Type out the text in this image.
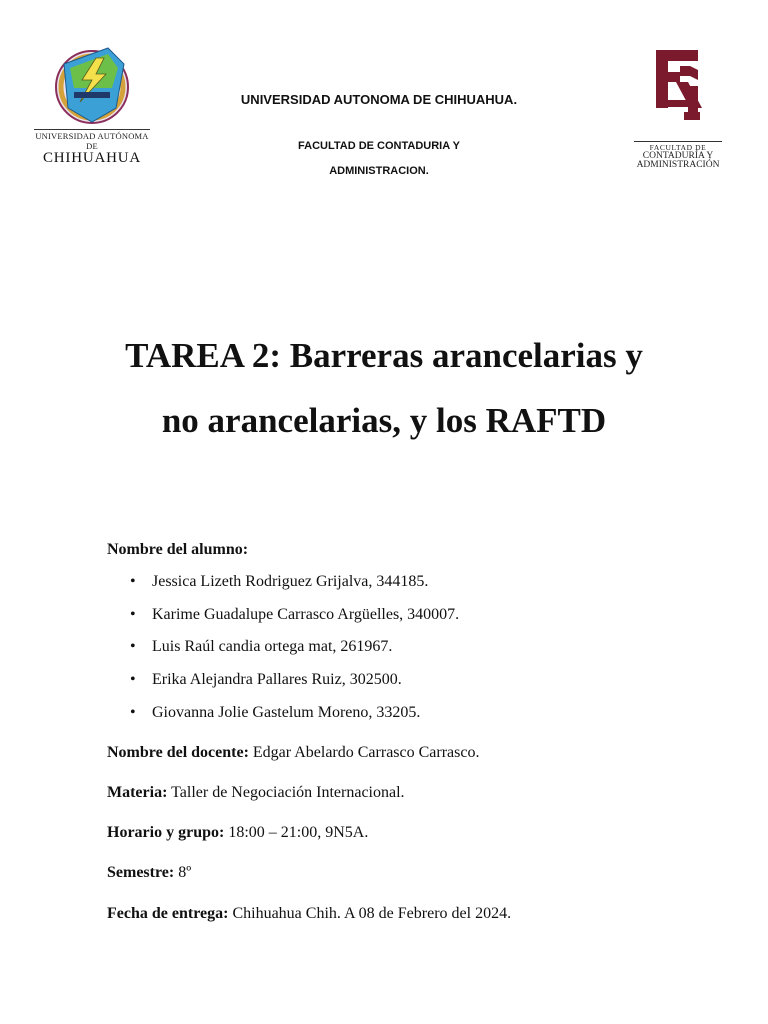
UNIVERSIDAD AUTÓNOMA DE
CHIHUAHUA
FACULTAD DE
CONTADURÍA Y
ADMINISTRACIÓN
UNIVERSIDAD AUTONOMA DE CHIHUAHUA.
FACULTAD DE CONTADURIA Y
ADMINISTRACION.
TAREA 2: Barreras arancelarias y
no arancelarias, y los RAFTD
Nombre del alumno:
• Jessica Lizeth Rodriguez Grijalva, 344185.
• Karime Guadalupe Carrasco Argüelles, 340007.
• Luis Raúl candia ortega mat, 261967.
• Erika Alejandra Pallares Ruiz, 302500.
• Giovanna Jolie Gastelum Moreno, 33205.
Nombre del docente: Edgar Abelardo Carrasco Carrasco.
Materia: Taller de Negociación Internacional.
Horario y grupo: 18:00 – 21:00, 9N5A.
Semestre: 8º
Fecha de entrega: Chihuahua Chih. A 08 de Febrero del 2024.
